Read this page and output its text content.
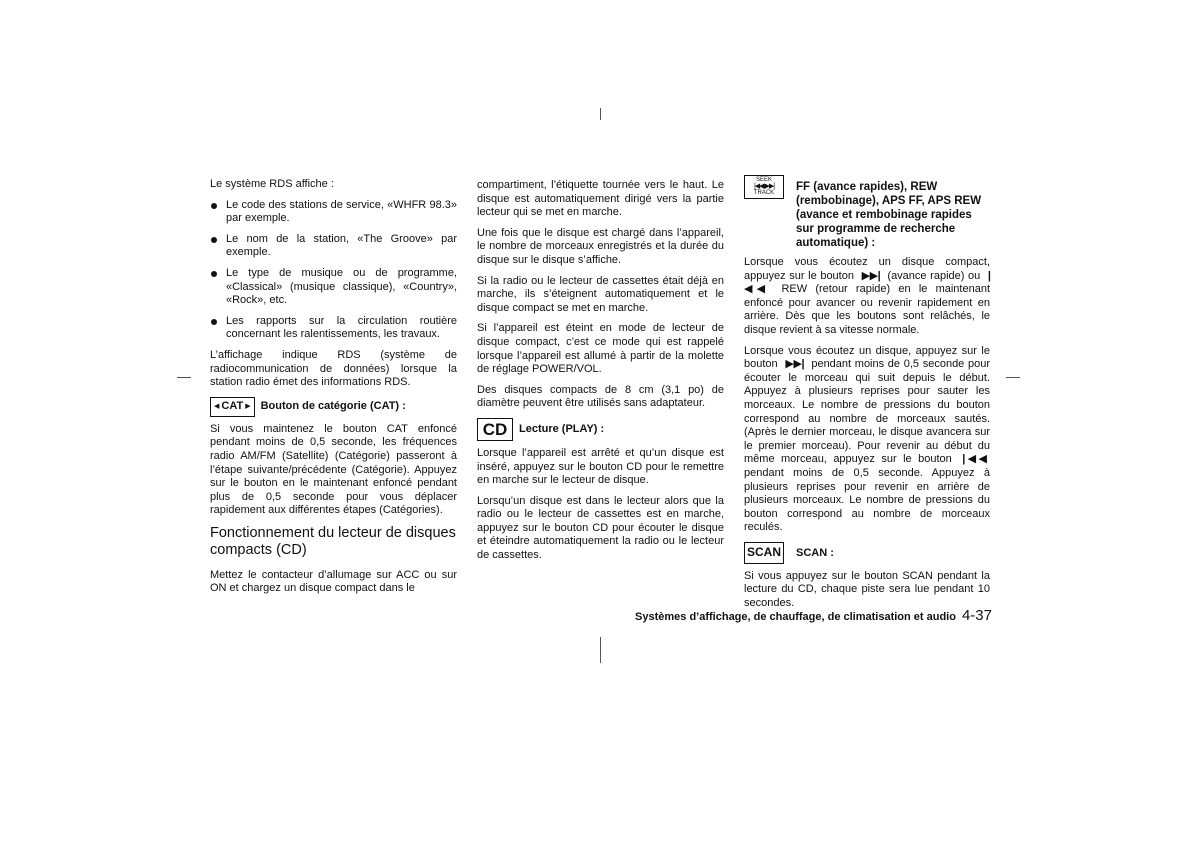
Le système RDS affiche :

Le code des stations de service, «WHFR 98.3» par exemple.
Le nom de la station, «The Groove» par exemple.
Le type de musique ou de programme, «Classical» (musique classique), «Country», «Rock», etc.
Les rapports sur la circulation routière concernant les ralentissements, les travaux.

L’affichage indique RDS (système de radiocommunication de données) lorsque la station radio émet des informations RDS.

◀ CAT ▶ Bouton de catégorie (CAT) :

Si vous maintenez le bouton CAT enfoncé pendant moins de 0,5 seconde, les fréquences radio AM/FM (Satellite) (Catégorie) passeront à l’étape suivante/précédente (Catégorie). Appuyez sur le bouton en le maintenant enfoncé pendant plus de 0,5 seconde pour vous déplacer rapidement aux différentes étapes (Catégories).

Fonctionnement du lecteur de disques compacts (CD)

Mettez le contacteur d’allumage sur ACC ou sur ON et chargez un disque compact dans le

compartiment, l’étiquette tournée vers le haut. Le disque est automatiquement dirigé vers la partie lecteur qui se met en marche.

Une fois que le disque est chargé dans l’appareil, le nombre de morceaux enregistrés et la durée du disque sur le disque s’affiche.

Si la radio ou le lecteur de cassettes était déjà en marche, ils s’éteignent automatiquement et le disque compact se met en marche.

Si l’appareil est éteint en mode de lecteur de disque compact, c’est ce mode qui est rappelé lorsque l’appareil est allumé à partir de la molette de réglage POWER/VOL.

Des disques compacts de 8 cm (3,1 po) de diamètre peuvent être utilisés sans adaptateur.

CD	Lecture (PLAY) :

Lorsque l’appareil est arrêté et qu’un disque est inséré, appuyez sur le bouton CD pour le remettre en marche sur le lecteur de disque.

Lorsqu’un disque est dans le lecteur alors que la radio ou le lecteur de cassettes est en marche, appuyez sur le bouton CD pour écouter le disque et éteindre automatiquement la radio ou le lecteur de cassettes.

SEEK
|◀◀ ▶▶|
TRACK FF (avance rapides), REW (rembobinage), APS FF, APS REW (avance et rembobinage rapides sur programme de recherche automatique) :

Lorsque vous écoutez un disque compact, appuyez sur le bouton ▶▶| (avance rapide) ou |◀◀ REW (retour rapide) en le maintenant enfoncé pour avancer ou revenir rapidement en arrière. Dès que les boutons sont relâchés, le disque revient à sa vitesse normale.

Lorsque vous écoutez un disque, appuyez sur le bouton ▶▶| pendant moins de 0,5 seconde pour écouter le morceau qui suit depuis le début. Appuyez à plusieurs reprises pour sauter les morceaux. Le nombre de pressions du bouton correspond au nombre de morceaux sautés. (Après le dernier morceau, le disque avancera sur le premier morceau). Pour revenir au début du même morceau, appuyez sur le bouton |◀◀ pendant moins de 0,5 seconde. Appuyez à plusieurs reprises pour revenir en arrière de plusieurs morceaux. Le nombre de pressions du bouton correspond au nombre de morceaux reculés.

SCAN SCAN :

Si vous appuyez sur le bouton SCAN pendant la lecture du CD, chaque piste sera lue pendant 10 secondes.

Systèmes d’affichage, de chauffage, de climatisation et audio 4-37
